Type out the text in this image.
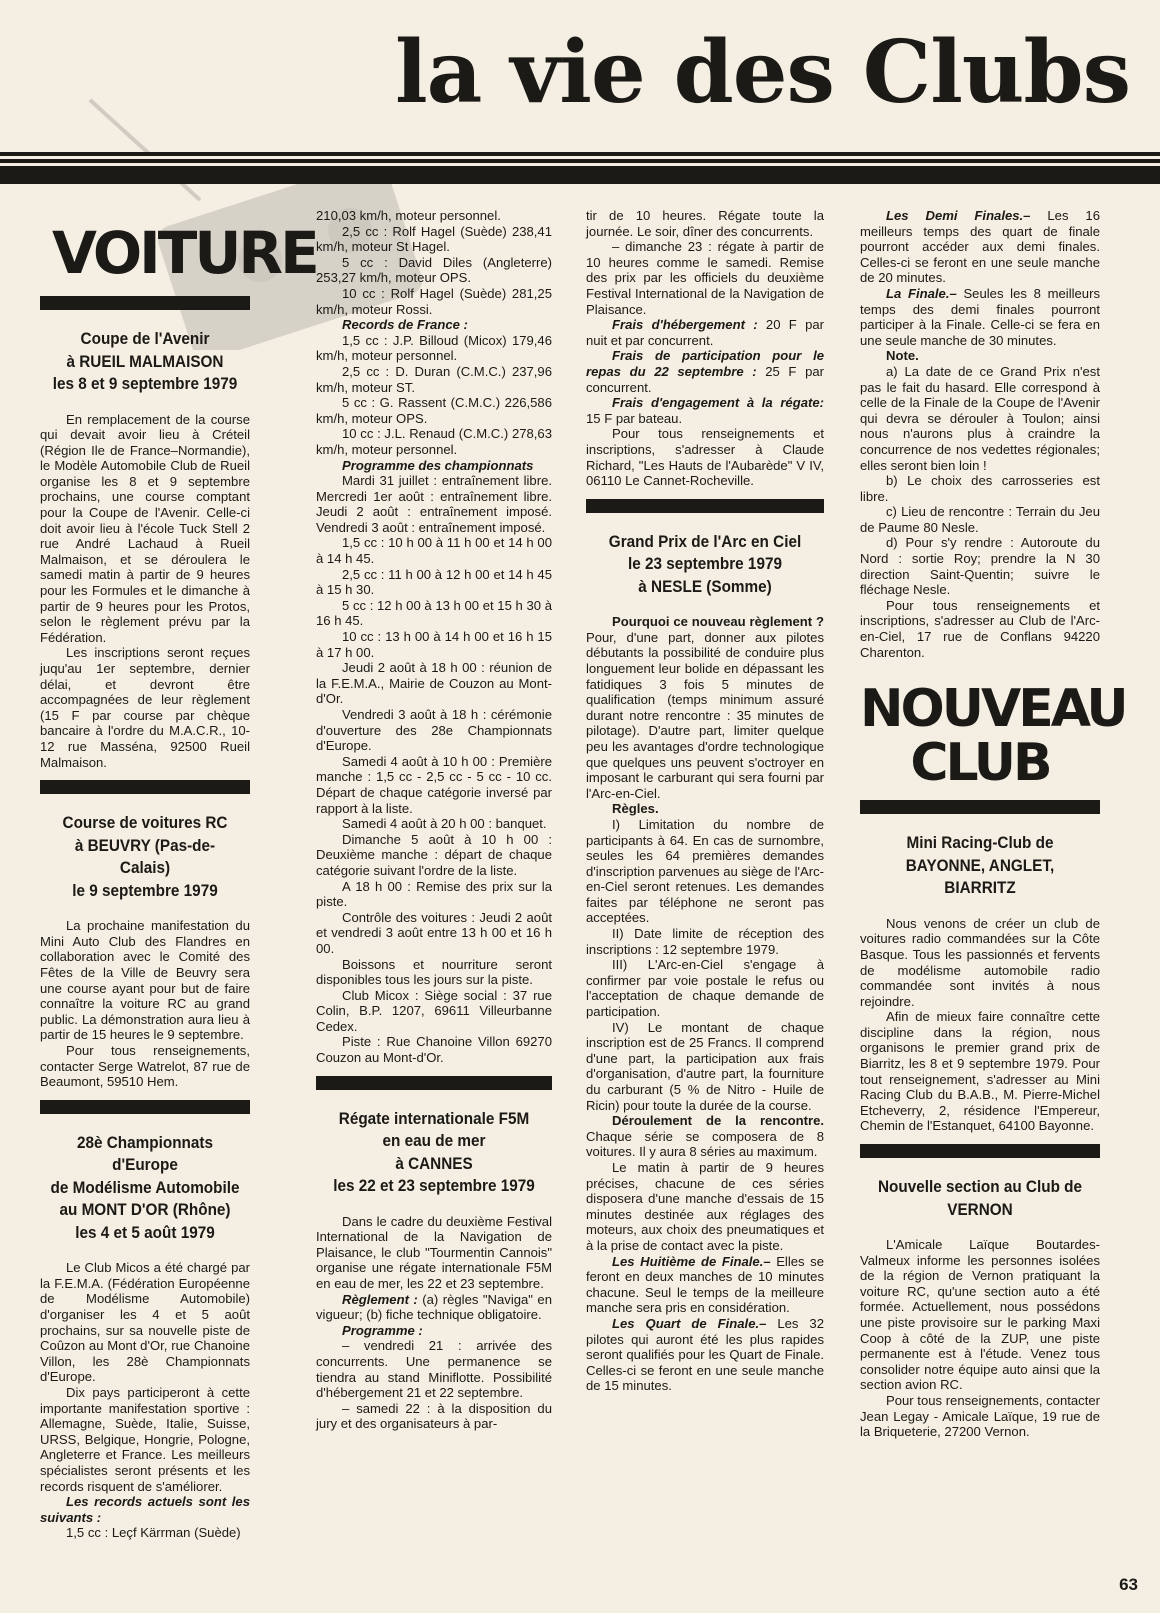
la vie des Clubs
VOITURE
Coupe de l'Avenir
à RUEIL MALMAISON
les 8 et 9 septembre 1979

En remplacement de la course qui devait avoir lieu à Créteil (Région Ile de France–Normandie), le Modèle Automobile Club de Rueil organise les 8 et 9 septembre prochains, une course comptant pour la Coupe de l'Avenir. Celle-ci doit avoir lieu à l'école Tuck Stell 2 rue André Lachaud à Rueil Malmaison, et se déroulera le samedi matin à partir de 9 heures pour les Formules et le dimanche à partir de 9 heures pour les Protos, selon le règlement prévu par la Fédération.

Les inscriptions seront reçues juqu'au 1er septembre, dernier délai, et devront être accompagnées de leur règlement (15 F par course par chèque bancaire à l'ordre du M.A.C.R., 10-12 rue Masséna, 92500 Rueil Malmaison.

Course de voitures RC
à BEUVRY (Pas-de-Calais)
le 9 septembre 1979

La prochaine manifestation du Mini Auto Club des Flandres en collaboration avec le Comité des Fêtes de la Ville de Beuvry sera une course ayant pour but de faire connaître la voiture RC au grand public. La démonstration aura lieu à partir de 15 heures le 9 septembre.

Pour tous renseignements, contacter Serge Watrelot, 87 rue de Beaumont, 59510 Hem.

28è Championnats d'Europe
de Modélisme Automobile
au MONT D'OR (Rhône)
les 4 et 5 août 1979

Le Club Micos a été chargé par la F.E.M.A. (Fédération Européenne de Modélisme Automobile) d'organiser les 4 et 5 août prochains, sur sa nouvelle piste de Coûzon au Mont d'Or, rue Chanoine Villon, les 28è Championnats d'Europe.

Dix pays participeront à cette importante manifestation sportive : Allemagne, Suède, Italie, Suisse, URSS, Belgique, Hongrie, Pologne, Angleterre et France. Les meilleurs spécialistes seront présents et les records risquent de s'améliorer.

Les records actuels sont les suivants :

1,5 cc : Leçf Kärrman (Suède)

210,03 km/h, moteur personnel.

2,5 cc : Rolf Hagel (Suède) 238,41 km/h, moteur St Hagel.

5 cc : David Diles (Angleterre) 253,27 km/h, moteur OPS.

10 cc : Rolf Hagel (Suède) 281,25 km/h, moteur Rossi.

Records de France :

1,5 cc : J.P. Billoud (Micox) 179,46 km/h, moteur personnel.

2,5 cc : D. Duran (C.M.C.) 237,96 km/h, moteur ST.

5 cc : G. Rassent (C.M.C.) 226,586 km/h, moteur OPS.

10 cc : J.L. Renaud (C.M.C.) 278,63 km/h, moteur personnel.

Programme des championnats

Mardi 31 juillet : entraînement libre. Mercredi 1er août : entraînement libre. Jeudi 2 août : entraînement imposé. Vendredi 3 août : entraînement imposé.

1,5 cc : 10 h 00 à 11 h 00 et 14 h 00 à 14 h 45.

2,5 cc : 11 h 00 à 12 h 00 et 14 h 45 à 15 h 30.

5 cc : 12 h 00 à 13 h 00 et 15 h 30 à 16 h 45.

10 cc : 13 h 00 à 14 h 00 et 16 h 15 à 17 h 00.

Jeudi 2 août à 18 h 00 : réunion de la F.E.M.A., Mairie de Couzon au Mont-d'Or.

Vendredi 3 août à 18 h : cérémonie d'ouverture des 28e Championnats d'Europe.

Samedi 4 août à 10 h 00 : Première manche : 1,5 cc - 2,5 cc - 5 cc - 10 cc. Départ de chaque catégorie inversé par rapport à la liste.

Samedi 4 août à 20 h 00 : banquet.

Dimanche 5 août à 10 h 00 : Deuxième manche : départ de chaque catégorie suivant l'ordre de la liste.

A 18 h 00 : Remise des prix sur la piste.

Contrôle des voitures : Jeudi 2 août et vendredi 3 août entre 13 h 00 et 16 h 00.

Boissons et nourriture seront disponibles tous les jours sur la piste.

Club Micox : Siège social : 37 rue Colin, B.P. 1207, 69611 Villeurbanne Cedex.

Piste : Rue Chanoine Villon 69270 Couzon au Mont-d'Or.

Régate internationale F5M
en eau de mer
à CANNES
les 22 et 23 septembre 1979

Dans le cadre du deuxième Festival International de la Navigation de Plaisance, le club "Tourmentin Cannois" organise une régate internationale F5M en eau de mer, les 22 et 23 septembre.

Règlement : (a) règles "Naviga" en vigueur; (b) fiche technique obligatoire.

Programme :

– vendredi 21 : arrivée des concurrents. Une permanence se tiendra au stand Miniflotte. Possibilité d'hébergement 21 et 22 septembre.

– samedi 22 : à la disposition du jury et des organisateurs à par-

tir de 10 heures. Régate toute la journée. Le soir, dîner des concurrents.

– dimanche 23 : régate à partir de 10 heures comme le samedi. Remise des prix par les officiels du deuxième Festival International de la Navigation de Plaisance.

Frais d'hébergement : 20 F par nuit et par concurrent.

Frais de participation pour le repas du 22 septembre : 25 F par concurrent.

Frais d'engagement à la régate: 15 F par bateau.

Pour tous renseignements et inscriptions, s'adresser à Claude Richard, "Les Hauts de l'Aubarède" V IV, 06110 Le Cannet-Rocheville.

Grand Prix de l'Arc en Ciel
le 23 septembre 1979
à NESLE (Somme)

Pourquoi ce nouveau règlement ? Pour, d'une part, donner aux pilotes débutants la possibilité de conduire plus longuement leur bolide en dépassant les fatidiques 3 fois 5 minutes de qualification (temps minimum assuré durant notre rencontre : 35 minutes de pilotage). D'autre part, limiter quelque peu les avantages d'ordre technologique que quelques uns peuvent s'octroyer en imposant le carburant qui sera fourni par l'Arc-en-Ciel.

Règles.

I) Limitation du nombre de participants à 64. En cas de surnombre, seules les 64 premières demandes d'inscription parvenues au siège de l'Arc-en-Ciel seront retenues. Les demandes faites par téléphone ne seront pas acceptées.

II) Date limite de réception des inscriptions : 12 septembre 1979.

III) L'Arc-en-Ciel s'engage à confirmer par voie postale le refus ou l'acceptation de chaque demande de participation.

IV) Le montant de chaque inscription est de 25 Francs. Il comprend d'une part, la participation aux frais d'organisation, d'autre part, la fourniture du carburant (5 % de Nitro - Huile de Ricin) pour toute la durée de la course.

Déroulement de la rencontre. Chaque série se composera de 8 voitures. Il y aura 8 séries au maximum.

Le matin à partir de 9 heures précises, chacune de ces séries disposera d'une manche d'essais de 15 minutes destinée aux réglages des moteurs, aux choix des pneumatiques et à la prise de contact avec la piste.

Les Huitième de Finale.– Elles se feront en deux manches de 10 minutes chacune. Seul le temps de la meilleure manche sera pris en considération.

Les Quart de Finale.– Les 32 pilotes qui auront été les plus rapides seront qualifiés pour les Quart de Finale. Celles-ci se feront en une seule manche de 15 minutes.

Les Demi Finales.– Les 16 meilleurs temps des quart de finale pourront accéder aux demi finales. Celles-ci se feront en une seule manche de 20 minutes.

La Finale.– Seules les 8 meilleurs temps des demi finales pourront participer à la Finale. Celle-ci se fera en une seule manche de 30 minutes.

Note.

a) La date de ce Grand Prix n'est pas le fait du hasard. Elle correspond à celle de la Finale de la Coupe de l'Avenir qui devra se dérouler à Toulon; ainsi nous n'aurons plus à craindre la concurrence de nos vedettes régionales; elles seront bien loin !

b) Le choix des carrosseries est libre.

c) Lieu de rencontre : Terrain du Jeu de Paume 80 Nesle.

d) Pour s'y rendre : Autoroute du Nord : sortie Roy; prendre la N 30 direction Saint-Quentin; suivre le fléchage Nesle.

Pour tous renseignements et inscriptions, s'adresser au Club de l'Arc-en-Ciel, 17 rue de Conflans 94220 Charenton.

NOUVEAU
CLUB
Mini Racing-Club de
BAYONNE, ANGLET,
BIARRITZ

Nous venons de créer un club de voitures radio commandées sur la Côte Basque. Tous les passionnés et fervents de modélisme automobile radio commandée sont invités à nous rejoindre.

Afin de mieux faire connaître cette discipline dans la région, nous organisons le premier grand prix de Biarritz, les 8 et 9 septembre 1979. Pour tout renseignement, s'adresser au Mini Racing Club du B.A.B., M. Pierre-Michel Etcheverry, 2, résidence l'Empereur, Chemin de l'Estanquet, 64100 Bayonne.

Nouvelle section au Club de
VERNON

L'Amicale Laïque Boutardes-Valmeux informe les personnes isolées de la région de Vernon pratiquant la voiture RC, qu'une section auto a été formée. Actuellement, nous possédons une piste provisoire sur le parking Maxi Coop à côté de la ZUP, une piste permanente est à l'étude. Venez tous consolider notre équipe auto ainsi que la section avion RC.

Pour tous renseignements, contacter Jean Legay - Amicale Laïque, 19 rue de la Briqueterie, 27200 Vernon.

63
